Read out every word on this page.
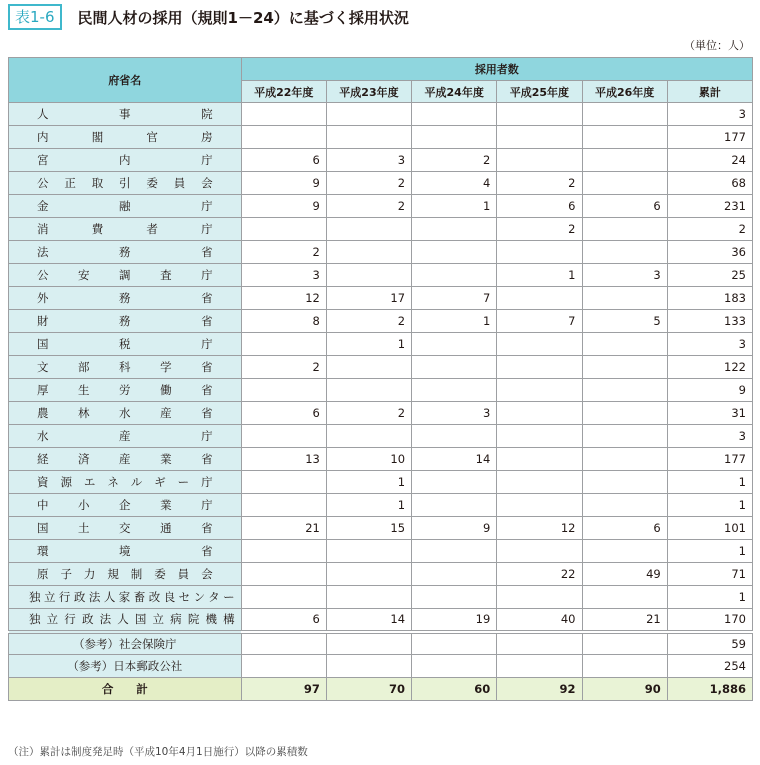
表1-6	民間人材の採用（規則1－24）に基づく採用状況
（単位：人）
府省名	採用者数					
	平成22年度	平成23年度	平成24年度	平成25年度	平成26年度	累計
人事院						3
内閣官房						177
宮内庁	6	3	2			24
公正取引委員会	9	2	4	2		68
金融庁	9	2	1	6	6	231
消費者庁				2		2
法務省	2					36
公安調査庁	3			1	3	25
外務省	12	17	7			183
財務省	8	2	1	7	5	133
国税庁		1				3
文部科学省	2					122
厚生労働省						9
農林水産省	6	2	3			31
水産庁						3
経済産業省	13	10	14			177
資源エネルギー庁		1				1
中小企業庁		1				1
国土交通省	21	15	9	12	6	101
環境省						1
原子力規制委員会				22	49	71
独立行政法人家畜改良センター						1
独立行政法人国立病院機構	6	14	19	40	21	170
（参考）社会保険庁						59
（参考）日本郵政公社						254
合　　計	97	70	60	92	90	1,886
（注）累計は制度発足時（平成10年4月1日施行）以降の累積数
